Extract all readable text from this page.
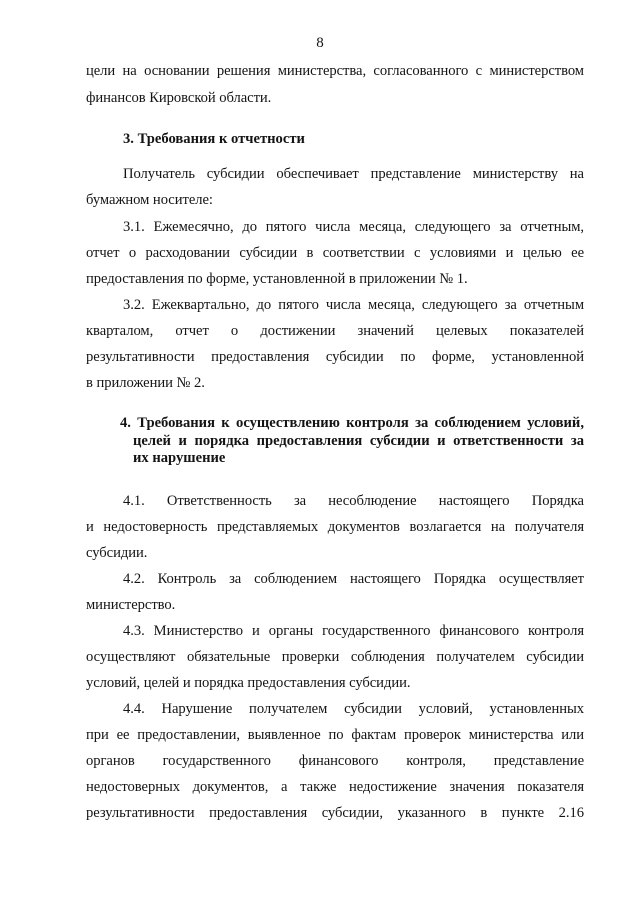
8
цели на основании решения министерства, согласованного с министерством
финансов Кировской области.
3. Требования к отчетности
Получатель субсидии обеспечивает представление министерству на
бумажном носителе:
3.1. Ежемесячно, до пятого числа месяца, следующего за отчетным,
отчет о расходовании субсидии в соответствии с условиями и целью ее
предоставления по форме, установленной в приложении № 1.
3.2. Ежеквартально, до пятого числа месяца, следующего за отчетным
кварталом, отчет о достижении значений целевых показателей
результативности предоставления субсидии по форме, установленной
в приложении № 2.
4. Требования к осуществлению контроля за соблюдением условий,
целей и порядка предоставления субсидии и ответственности за
их нарушение
4.1. Ответственность за несоблюдение настоящего Порядка
и недостоверность представляемых документов возлагается на получателя
субсидии.
4.2. Контроль за соблюдением настоящего Порядка осуществляет
министерство.
4.3. Министерство и органы государственного финансового контроля
осуществляют обязательные проверки соблюдения получателем субсидии
условий, целей и порядка предоставления субсидии.
4.4. Нарушение получателем субсидии условий, установленных
при ее предоставлении, выявленное по фактам проверок министерства или
органов государственного финансового контроля, представление
недостоверных документов, а также недостижение значения показателя
результативности предоставления субсидии, указанного в пункте 2.16
